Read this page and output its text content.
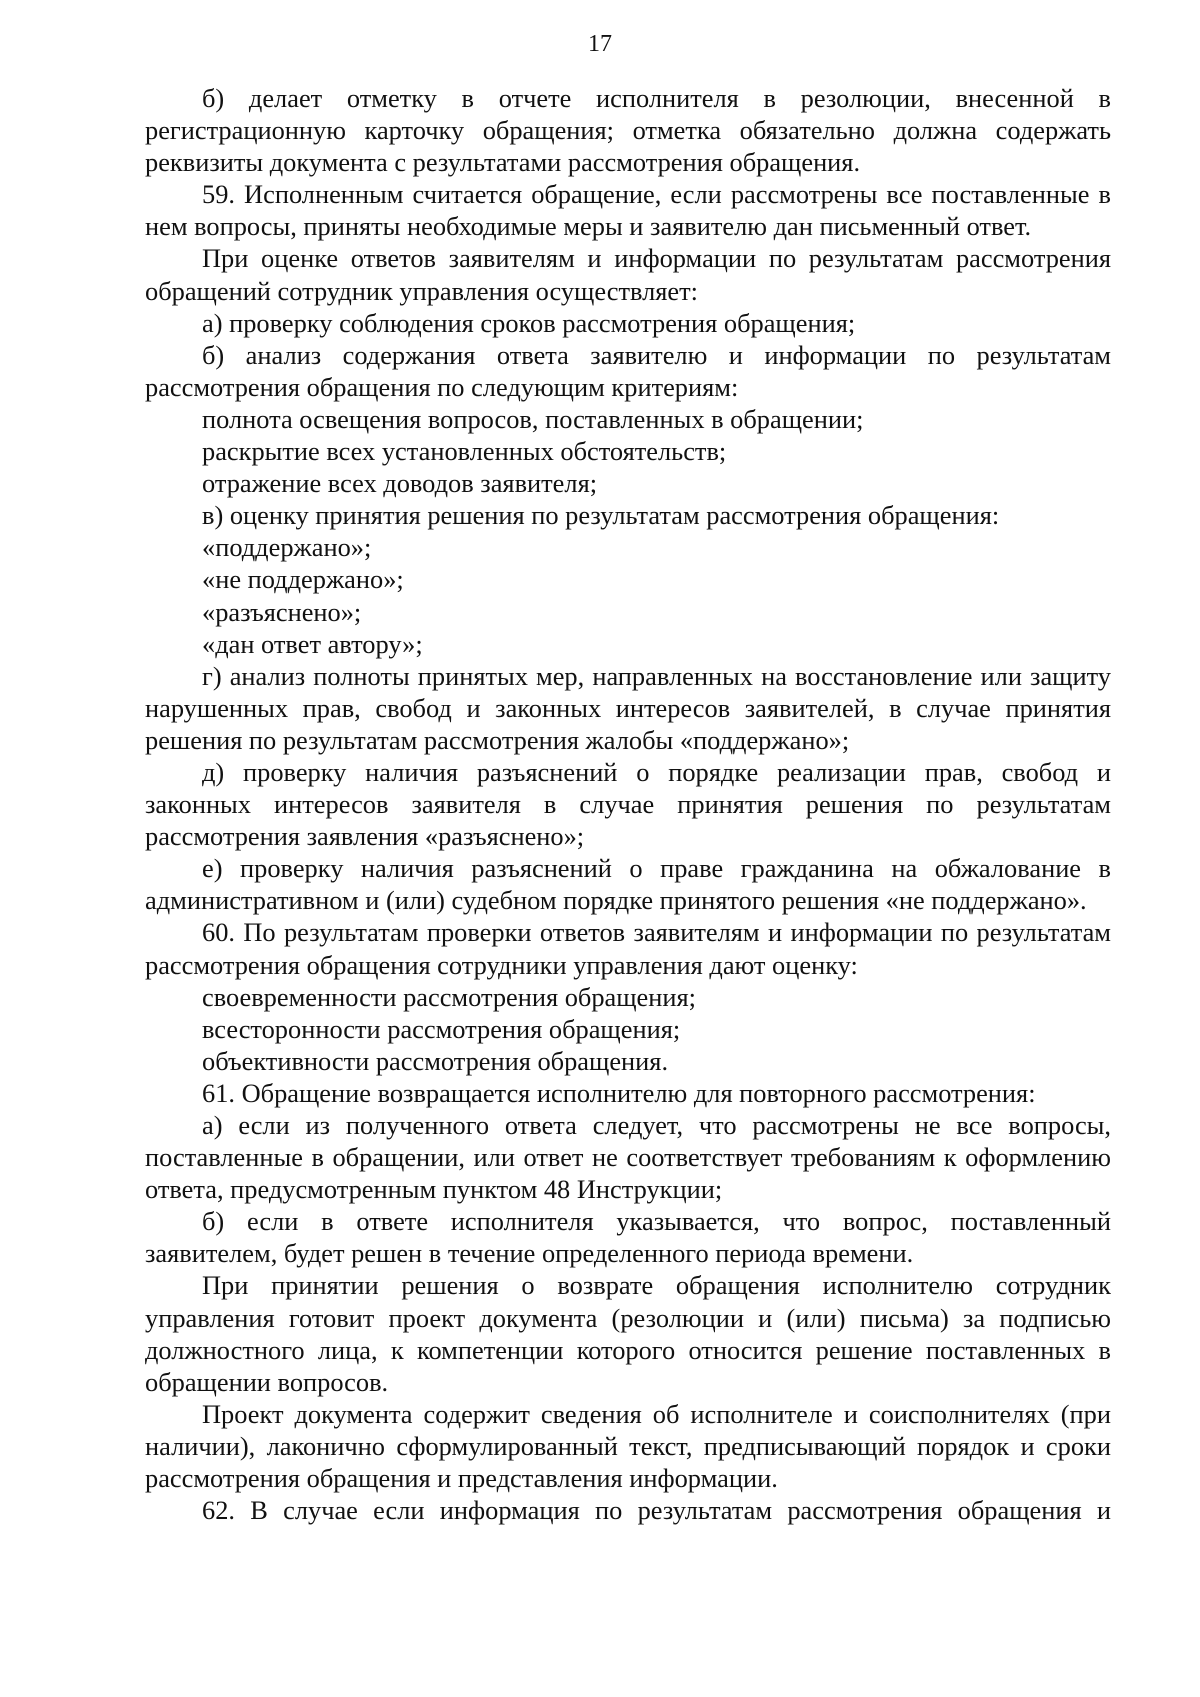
17

б) делает отметку в отчете исполнителя в резолюции, внесенной в регистрационную карточку обращения; отметка обязательно должна содержать реквизиты документа с результатами рассмотрения обращения.

59. Исполненным считается обращение, если рассмотрены все поставленные в нем вопросы, приняты необходимые меры и заявителю дан письменный ответ.

При оценке ответов заявителям и информации по результатам рассмотрения обращений сотрудник управления осуществляет:

а) проверку соблюдения сроков рассмотрения обращения;

б) анализ содержания ответа заявителю и информации по результатам рассмотрения обращения по следующим критериям:

полнота освещения вопросов, поставленных в обращении;

раскрытие всех установленных обстоятельств;

отражение всех доводов заявителя;

в) оценку принятия решения по результатам рассмотрения обращения:

«поддержано»;

«не поддержано»;

«разъяснено»;

«дан ответ автору»;

г) анализ полноты принятых мер, направленных на восстановление или защиту нарушенных прав, свобод и законных интересов заявителей, в случае принятия решения по результатам рассмотрения жалобы «поддержано»;

д) проверку наличия разъяснений о порядке реализации прав, свобод и законных интересов заявителя в случае принятия решения по результатам рассмотрения заявления «разъяснено»;

е) проверку наличия разъяснений о праве гражданина на обжалование в административном и (или) судебном порядке принятого решения «не поддержано».

60. По результатам проверки ответов заявителям и информации по результатам рассмотрения обращения сотрудники управления дают оценку:

своевременности рассмотрения обращения;

всесторонности рассмотрения обращения;

объективности рассмотрения обращения.

61. Обращение возвращается исполнителю для повторного рассмотрения:

а) если из полученного ответа следует, что рассмотрены не все вопросы, поставленные в обращении, или ответ не соответствует требованиям к оформлению ответа, предусмотренным пунктом 48 Инструкции;

б) если в ответе исполнителя указывается, что вопрос, поставленный заявителем, будет решен в течение определенного периода времени.

При принятии решения о возврате обращения исполнителю сотрудник управления готовит проект документа (резолюции и (или) письма) за подписью должностного лица, к компетенции которого относится решение поставленных в обращении вопросов.

Проект документа содержит сведения об исполнителе и соисполнителях (при наличии), лаконично сформулированный текст, предписывающий порядок и сроки рассмотрения обращения и представления информации.

62. В случае если информация по результатам рассмотрения обращения и
